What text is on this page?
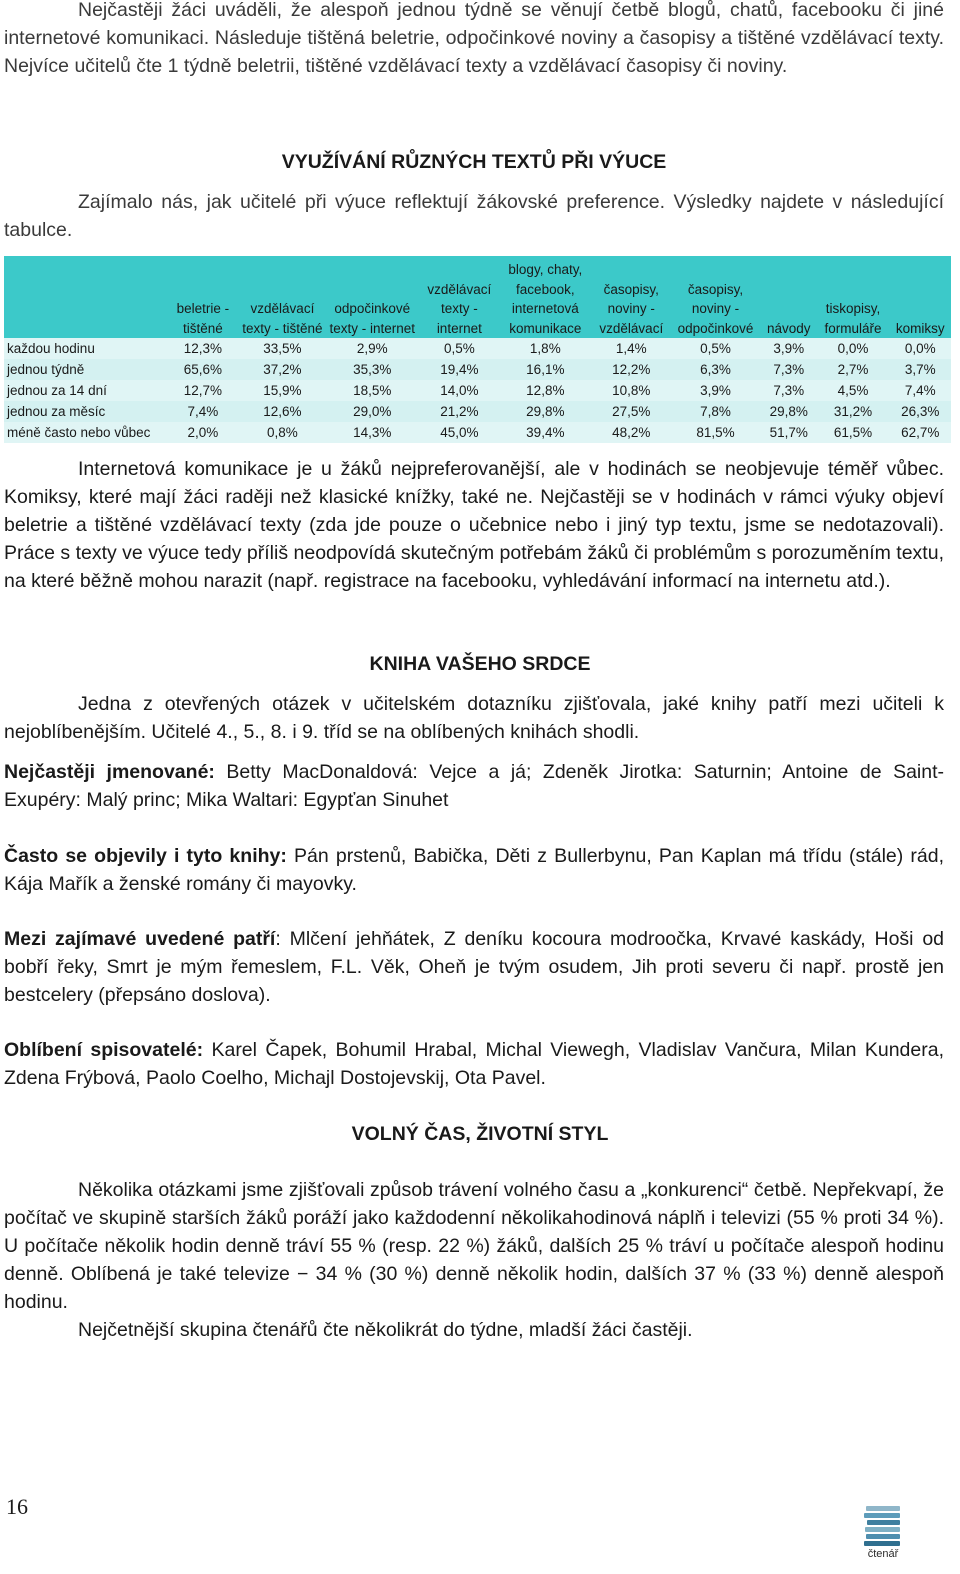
Nejčastěji žáci uváděli, že alespoň jednou týdně se věnují četbě blogů, chatů, facebooku či jiné internetové komunikaci. Následuje tištěná beletrie, odpočinkové noviny a časopisy a tištěné vzdělávací texty. Nejvíce učitelů čte 1 týdně beletrii, tištěné vzdělávací texty a vzdělávací časopisy či noviny.

VYUŽÍVÁNÍ RŮZNÝCH TEXTŮ PŘI VÝUCE

Zajímalo nás, jak učitelé při výuce reflektují žákovské preference. Výsledky najdete v následující tabulce.

	beletrie - tištěné	vzdělávací texty - tištěné	odpočinkové texty - internet	vzdělávací texty - internet	blogy, chaty, facebook, internetová komunikace	časopisy, noviny - vzdělávací	časopisy, noviny - odpočinkové	návody	tiskopisy, formuláře	komiksy
každou hodinu	12,3%	33,5%	2,9%	0,5%	1,8%	1,4%	0,5%	3,9%	0,0%	0,0%
jednou týdně	65,6%	37,2%	35,3%	19,4%	16,1%	12,2%	6,3%	7,3%	2,7%	3,7%
jednou za 14 dní	12,7%	15,9%	18,5%	14,0%	12,8%	10,8%	3,9%	7,3%	4,5%	7,4%
jednou za měsíc	7,4%	12,6%	29,0%	21,2%	29,8%	27,5%	7,8%	29,8%	31,2%	26,3%
méně často nebo vůbec	2,0%	0,8%	14,3%	45,0%	39,4%	48,2%	81,5%	51,7%	61,5%	62,7%

Internetová komunikace je u žáků nejpreferovanější, ale v hodinách se neobjevuje téměř vůbec. Komiksy, které mají žáci raději než klasické knížky, také ne. Nejčastěji se v hodinách v rámci výuky objeví beletrie a tištěné vzdělávací texty (zda jde pouze o učebnice nebo i jiný typ textu, jsme se nedotazovali). Práce s texty ve výuce tedy příliš neodpovídá skutečným potřebám žáků či problémům s porozuměním textu, na které běžně mohou narazit (např. registrace na facebooku, vyhledávání informací na internetu atd.).

KNIHA VAŠEHO SRDCE

Jedna z otevřených otázek v učitelském dotazníku zjišťovala, jaké knihy patří mezi učiteli k nejoblíbenějším. Učitelé 4., 5., 8. i 9. tříd se na oblíbených knihách shodli.

Nejčastěji jmenované: Betty MacDonaldová: Vejce a já; Zdeněk Jirotka: Saturnin; Antoine de Saint-Exupéry: Malý princ; Mika Waltari: Egypťan Sinuhet

Často se objevily i tyto knihy: Pán prstenů, Babička, Děti z Bullerbynu, Pan Kaplan má třídu (stále) rád, Kája Mařík a ženské romány či mayovky.

Mezi zajímavé uvedené patří: Mlčení jehňátek, Z deníku kocoura modroočka, Krvavé kaskády, Hoši od bobří řeky, Smrt je mým řemeslem, F.L. Věk, Oheň je tvým osudem, Jih proti severu či např. prostě jen bestcelery (přepsáno doslova).

Oblíbení spisovatelé: Karel Čapek, Bohumil Hrabal, Michal Viewegh, Vladislav Vančura, Milan Kundera, Zdena Frýbová, Paolo Coelho, Michajl Dostojevskij, Ota Pavel.

VOLNÝ ČAS, ŽIVOTNÍ STYL

Několika otázkami jsme zjišťovali způsob trávení volného času a „konkurenci“ četbě. Nepřekvapí, že počítač ve skupině starších žáků poráží jako každodenní několikahodinová náplň i televizi (55 % proti 34 %). U počítače několik hodin denně tráví 55 % (resp. 22 %) žáků, dalších 25 % tráví u počítače alespoň hodinu denně. Oblíbená je také televize − 34 % (30 %) denně několik hodin, dalších 37 % (33 %) denně alespoň hodinu.

Nejčetnější skupina čtenářů čte několikrát do týdne, mladší žáci častěji.

16
čtenář
